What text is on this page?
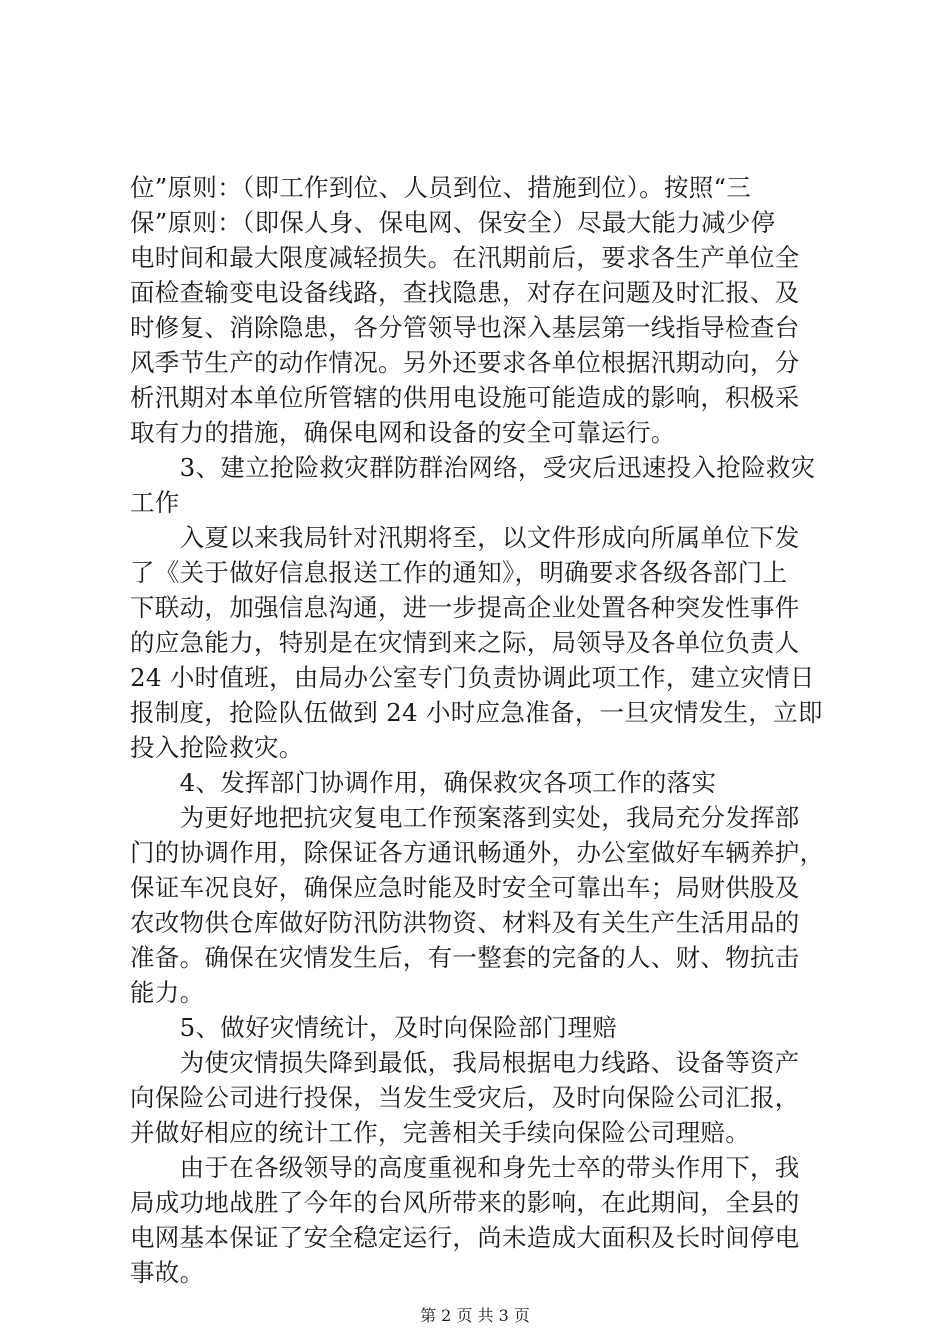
位”原则：（即工作到位、人员到位、措施到位）。按照“三
保”原则：（即保人身、保电网、保安全）尽最大能力减少停
电时间和最大限度减轻损失。在汛期前后，要求各生产单位全
面检查输变电设备线路，查找隐患，对存在问题及时汇报、及
时修复、消除隐患，各分管领导也深入基层第一线指导检查台
风季节生产的动作情况。另外还要求各单位根据汛期动向，分
析汛期对本单位所管辖的供用电设施可能造成的影响，积极采
取有力的措施，确保电网和设备的安全可靠运行。
　　3、建立抢险救灾群防群治网络，受灾后迅速投入抢险救灾
工作
　　入夏以来我局针对汛期将至，以文件形成向所属单位下发
了《关于做好信息报送工作的通知》，明确要求各级各部门上
下联动，加强信息沟通，进一步提高企业处置各种突发性事件
的应急能力，特别是在灾情到来之际，局领导及各单位负责人
24 小时值班，由局办公室专门负责协调此项工作，建立灾情日
报制度，抢险队伍做到 24 小时应急准备，一旦灾情发生，立即
投入抢险救灾。
　　4、发挥部门协调作用，确保救灾各项工作的落实
　　为更好地把抗灾复电工作预案落到实处，我局充分发挥部
门的协调作用，除保证各方通讯畅通外，办公室做好车辆养护，
保证车况良好，确保应急时能及时安全可靠出车；局财供股及
农改物供仓库做好防汛防洪物资、材料及有关生产生活用品的
准备。确保在灾情发生后，有一整套的完备的人、财、物抗击
能力。
　　5、做好灾情统计，及时向保险部门理赔
　　为使灾情损失降到最低，我局根据电力线路、设备等资产
向保险公司进行投保，当发生受灾后，及时向保险公司汇报，
并做好相应的统计工作，完善相关手续向保险公司理赔。
　　由于在各级领导的高度重视和身先士卒的带头作用下，我
局成功地战胜了今年的台风所带来的影响，在此期间，全县的
电网基本保证了安全稳定运行，尚未造成大面积及长时间停电
事故。
第 2 页 共 3 页
